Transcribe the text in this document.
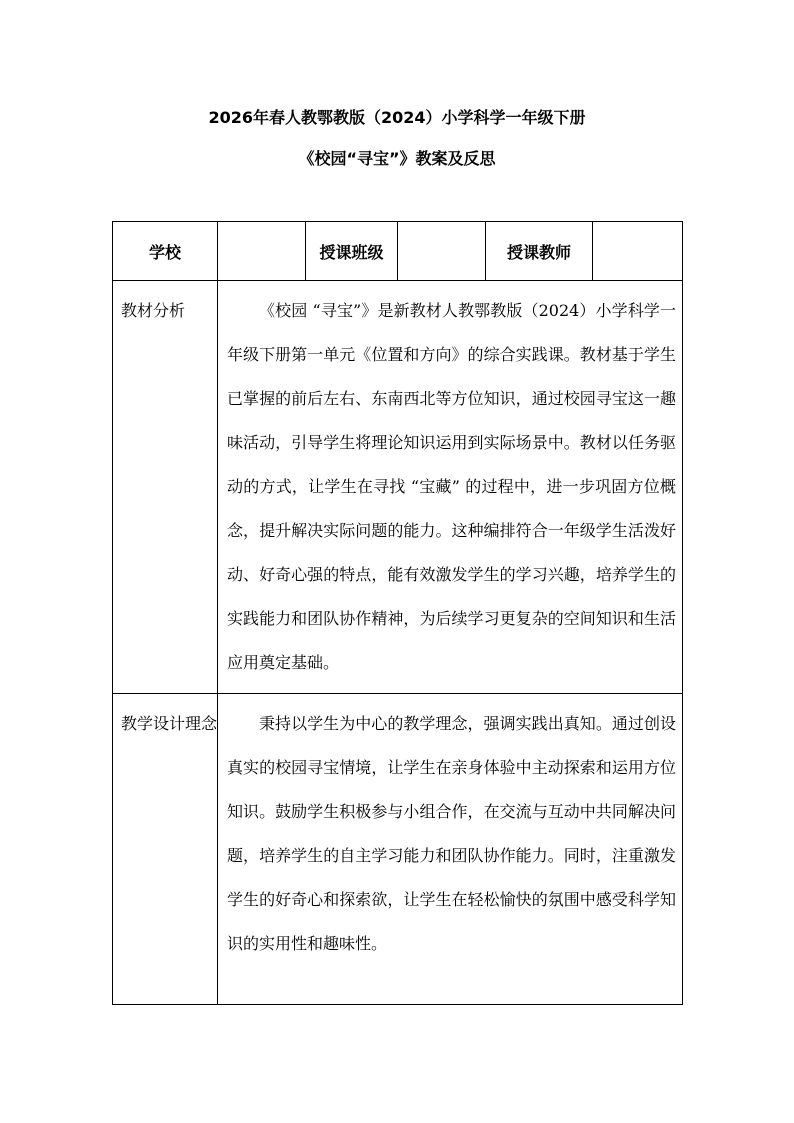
2026年春人教鄂教版（2024）小学科学一年级下册
《校园“寻宝”》教案及反思
学校		授课班级		授课教师	
教材分析	《校园 “寻宝”》是新教材人教鄂教版（2024）小学科学一年级下册第一单元《位置和方向》的综合实践课。教材基于学生已掌握的前后左右、东南西北等方位知识，通过校园寻宝这一趣味活动，引导学生将理论知识运用到实际场景中。教材以任务驱动的方式，让学生在寻找 “宝藏” 的过程中，进一步巩固方位概念，提升解决实际问题的能力。这种编排符合一年级学生活泼好动、好奇心强的特点，能有效激发学生的学习兴趣，培养学生的实践能力和团队协作精神，为后续学习更复杂的空间知识和生活应用奠定基础。				

教学设计理念	秉持以学生为中心的教学理念，强调实践出真知。通过创设真实的校园寻宝情境，让学生在亲身体验中主动探索和运用方位知识。鼓励学生积极参与小组合作，在交流与互动中共同解决问题，培养学生的自主学习能力和团队协作能力。同时，注重激发学生的好奇心和探索欲，让学生在轻松愉快的氛围中感受科学知识的实用性和趣味性。				
